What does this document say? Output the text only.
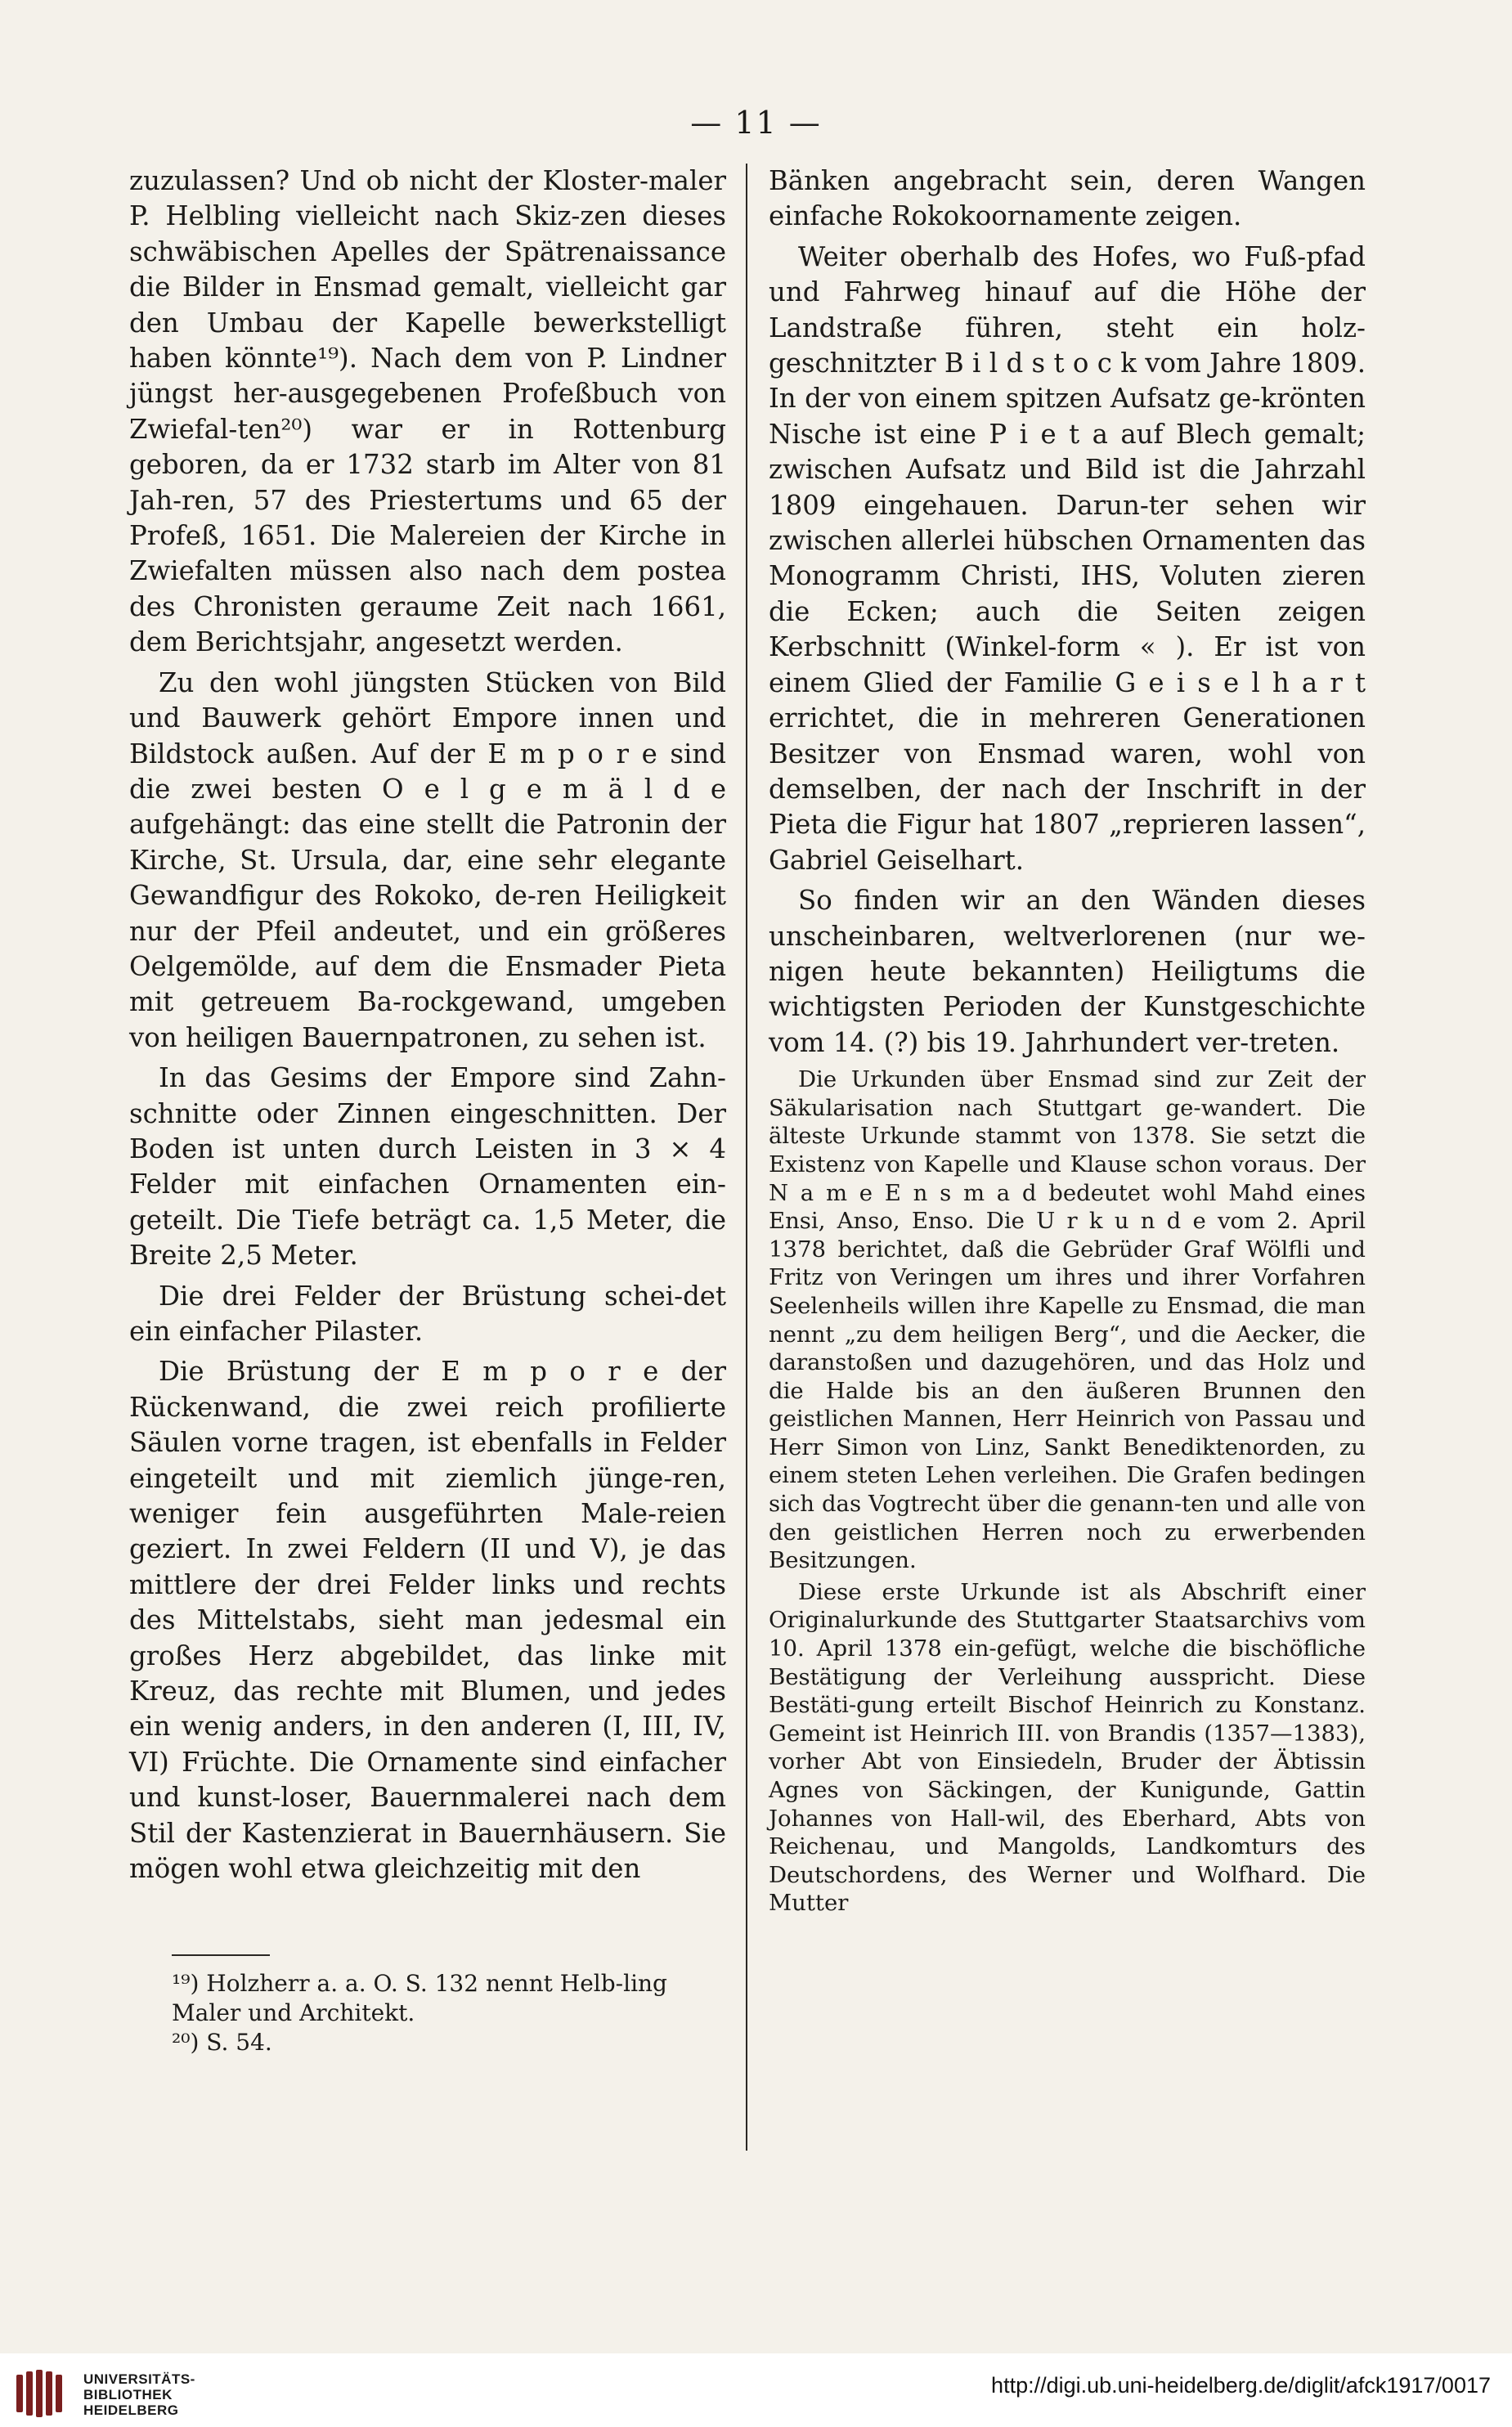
— 11 —

zuzulassen? Und ob nicht der Kloster-maler P. Helbling vielleicht nach Skiz-zen dieses schwäbischen Apelles der Spätrenaissance die Bilder in Ensmad gemalt, vielleicht gar den Umbau der Kapelle bewerkstelligt haben könnte¹⁹). Nach dem von P. Lindner jüngst her-ausgegebenen Profeßbuch von Zwiefal-ten²⁰) war er in Rottenburg geboren, da er 1732 starb im Alter von 81 Jah-ren, 57 des Priestertums und 65 der Profeß, 1651. Die Malereien der Kirche in Zwiefalten müssen also nach dem postea des Chronisten geraume Zeit nach 1661, dem Berichtsjahr, angesetzt werden.

Zu den wohl jüngsten Stücken von Bild und Bauwerk gehört Empore innen und Bildstock außen. Auf der E m p o r e sind die zwei besten O e l g e m ä l d e aufgehängt: das eine stellt die Patronin der Kirche, St. Ursula, dar, eine sehr elegante Gewandfigur des Rokoko, de-ren Heiligkeit nur der Pfeil andeutet, und ein größeres Oelgemölde, auf dem die Ensmader Pieta mit getreuem Ba-rockgewand, umgeben von heiligen Bauernpatronen, zu sehen ist.

In das Gesims der Empore sind Zahn-schnitte oder Zinnen eingeschnitten. Der Boden ist unten durch Leisten in 3 × 4 Felder mit einfachen Ornamenten ein-geteilt. Die Tiefe beträgt ca. 1,5 Meter, die Breite 2,5 Meter.

Die drei Felder der Brüstung schei-det ein einfacher Pilaster.

Die Brüstung der E m p o r e der Rückenwand, die zwei reich profilierte Säulen vorne tragen, ist ebenfalls in Felder eingeteilt und mit ziemlich jünge-ren, weniger fein ausgeführten Male-reien geziert. In zwei Feldern (II und V), je das mittlere der drei Felder links und rechts des Mittelstabs, sieht man jedesmal ein großes Herz abgebildet, das linke mit Kreuz, das rechte mit Blumen, und jedes ein wenig anders, in den anderen (I, III, IV, VI) Früchte. Die Ornamente sind einfacher und kunst-loser, Bauernmalerei nach dem Stil der Kastenzierat in Bauernhäusern. Sie mögen wohl etwa gleichzeitig mit den

¹⁹) Holzherr a. a. O. S. 132 nennt Helb-ling Maler und Architekt.

²⁰) S. 54.

Bänken angebracht sein, deren Wangen einfache Rokokoornamente zeigen.

Weiter oberhalb des Hofes, wo Fuß-pfad und Fahrweg hinauf auf die Höhe der Landstraße führen, steht ein holz-geschnitzter B i l d s t o c k vom Jahre 1809. In der von einem spitzen Aufsatz ge-krönten Nische ist eine P i e t a auf Blech gemalt; zwischen Aufsatz und Bild ist die Jahrzahl 1809 eingehauen. Darun-ter sehen wir zwischen allerlei hübschen Ornamenten das Monogramm Christi, IHS, Voluten zieren die Ecken; auch die Seiten zeigen Kerbschnitt (Winkel-form « ). Er ist von einem Glied der Familie G e i s e l h a r t errichtet, die in mehreren Generationen Besitzer von Ensmad waren, wohl von demselben, der nach der Inschrift in der Pieta die Figur hat 1807 „reprieren lassen“, Gabriel Geiselhart.

So finden wir an den Wänden dieses unscheinbaren, weltverlorenen (nur we-nigen heute bekannten) Heiligtums die wichtigsten Perioden der Kunstgeschichte vom 14. (?) bis 19. Jahrhundert ver-treten.

Die Urkunden über Ensmad sind zur Zeit der Säkularisation nach Stuttgart ge-wandert. Die älteste Urkunde stammt von 1378. Sie setzt die Existenz von Kapelle und Klause schon voraus. Der N a m e E n s m a d bedeutet wohl Mahd eines Ensi, Anso, Enso. Die U r k u n d e vom 2. April 1378 berichtet, daß die Gebrüder Graf Wölfli und Fritz von Veringen um ihres und ihrer Vorfahren Seelenheils willen ihre Kapelle zu Ensmad, die man nennt „zu dem heiligen Berg“, und die Aecker, die daranstoßen und dazugehören, und das Holz und die Halde bis an den äußeren Brunnen den geistlichen Mannen, Herr Heinrich von Passau und Herr Simon von Linz, Sankt Benediktenorden, zu einem steten Lehen verleihen. Die Grafen bedingen sich das Vogtrecht über die genann-ten und alle von den geistlichen Herren noch zu erwerbenden Besitzungen.

Diese erste Urkunde ist als Abschrift einer Originalurkunde des Stuttgarter Staatsarchivs vom 10. April 1378 ein-gefügt, welche die bischöfliche Bestätigung der Verleihung ausspricht. Diese Bestäti-gung erteilt Bischof Heinrich zu Konstanz. Gemeint ist Heinrich III. von Brandis (1357—1383), vorher Abt von Einsiedeln, Bruder der Äbtissin Agnes von Säckingen, der Kunigunde, Gattin Johannes von Hall-wil, des Eberhard, Abts von Reichenau, und Mangolds, Landkomturs des Deutschordens, des Werner und Wolfhard. Die Mutter

UNIVERSITÄTS-
BIBLIOTHEK
HEIDELBERG
http://digi.ub.uni-heidelberg.de/diglit/afck1917/0017
